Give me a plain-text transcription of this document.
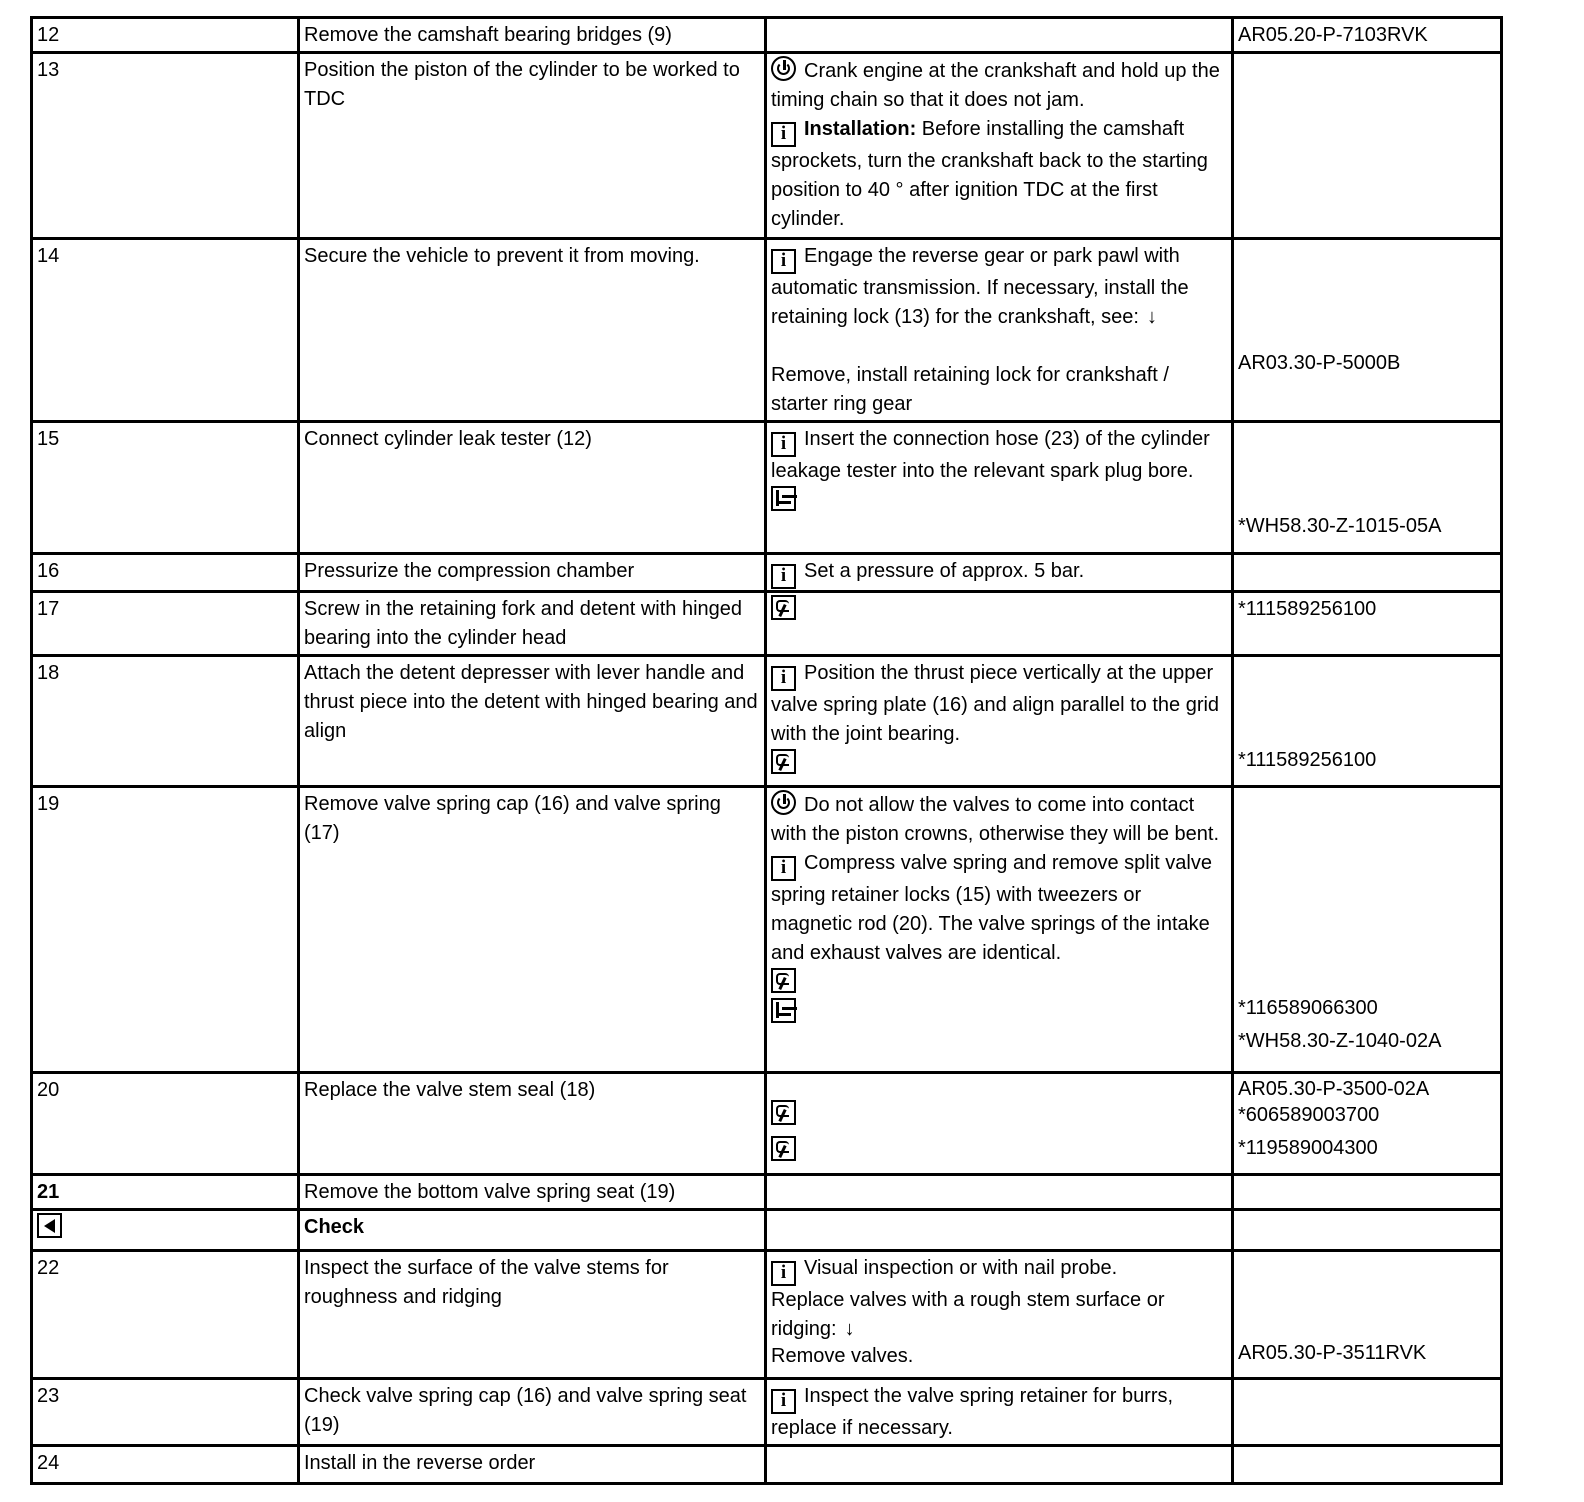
12	Remove the camshaft bearing bridges (9)		AR05.20-P-7103RVK

13	Position the piston of the cylinder to be worked to TDC	Crank engine at the crankshaft and hold up the timing chain so that it does not jam.
i Installation: Before installing the camshaft sprockets, turn the crankshaft back to the starting position to 40 ° after ignition TDC at the first cylinder.	

14	Secure the vehicle to prevent it from moving.	i Engage the reverse gear or park pawl with automatic transmission. If necessary, install the retaining lock (13) for the crankshaft, see: ↓
Remove, install retaining lock for crankshaft / starter ring gear	AR03.30-P-5000B

15	Connect cylinder leak tester (12)	i Insert the connection hose (23) of the cylinder leakage tester into the relevant spark plug bore.	*WH58.30-Z-1015-05A

16	Pressurize the compression chamber	i Set a pressure of approx. 5 bar.	

17	Screw in the retaining fork and detent with hinged bearing into the cylinder head		*111589256100

18	Attach the detent depresser with lever handle and thrust piece into the detent with hinged bearing and align	i Position the thrust piece vertically at the upper valve spring plate (16) and align parallel to the grid with the joint bearing.	*111589256100

19	Remove valve spring cap (16) and valve spring (17)	Do not allow the valves to come into contact with the piston crowns, otherwise they will be bent.
i Compress valve spring and remove split valve spring retainer locks (15) with tweezers or magnetic rod (20). The valve springs of the intake and exhaust valves are identical.	*116589066300
*WH58.30-Z-1040-02A

20	Replace the valve stem seal (18)		AR05.30-P-3500-02A
*606589003700
*119589004300

21	Remove the bottom valve spring seat (19)		
	Check		
22	Inspect the surface of the valve stems for roughness and ridging	i Visual inspection or with nail probe.
Replace valves with a rough stem surface or ridging: ↓
Remove valves.	AR05.30-P-3511RVK

23	Check valve spring cap (16) and valve spring seat (19)	i Inspect the valve spring retainer for burrs, replace if necessary.	

24	Install in the reverse order		
